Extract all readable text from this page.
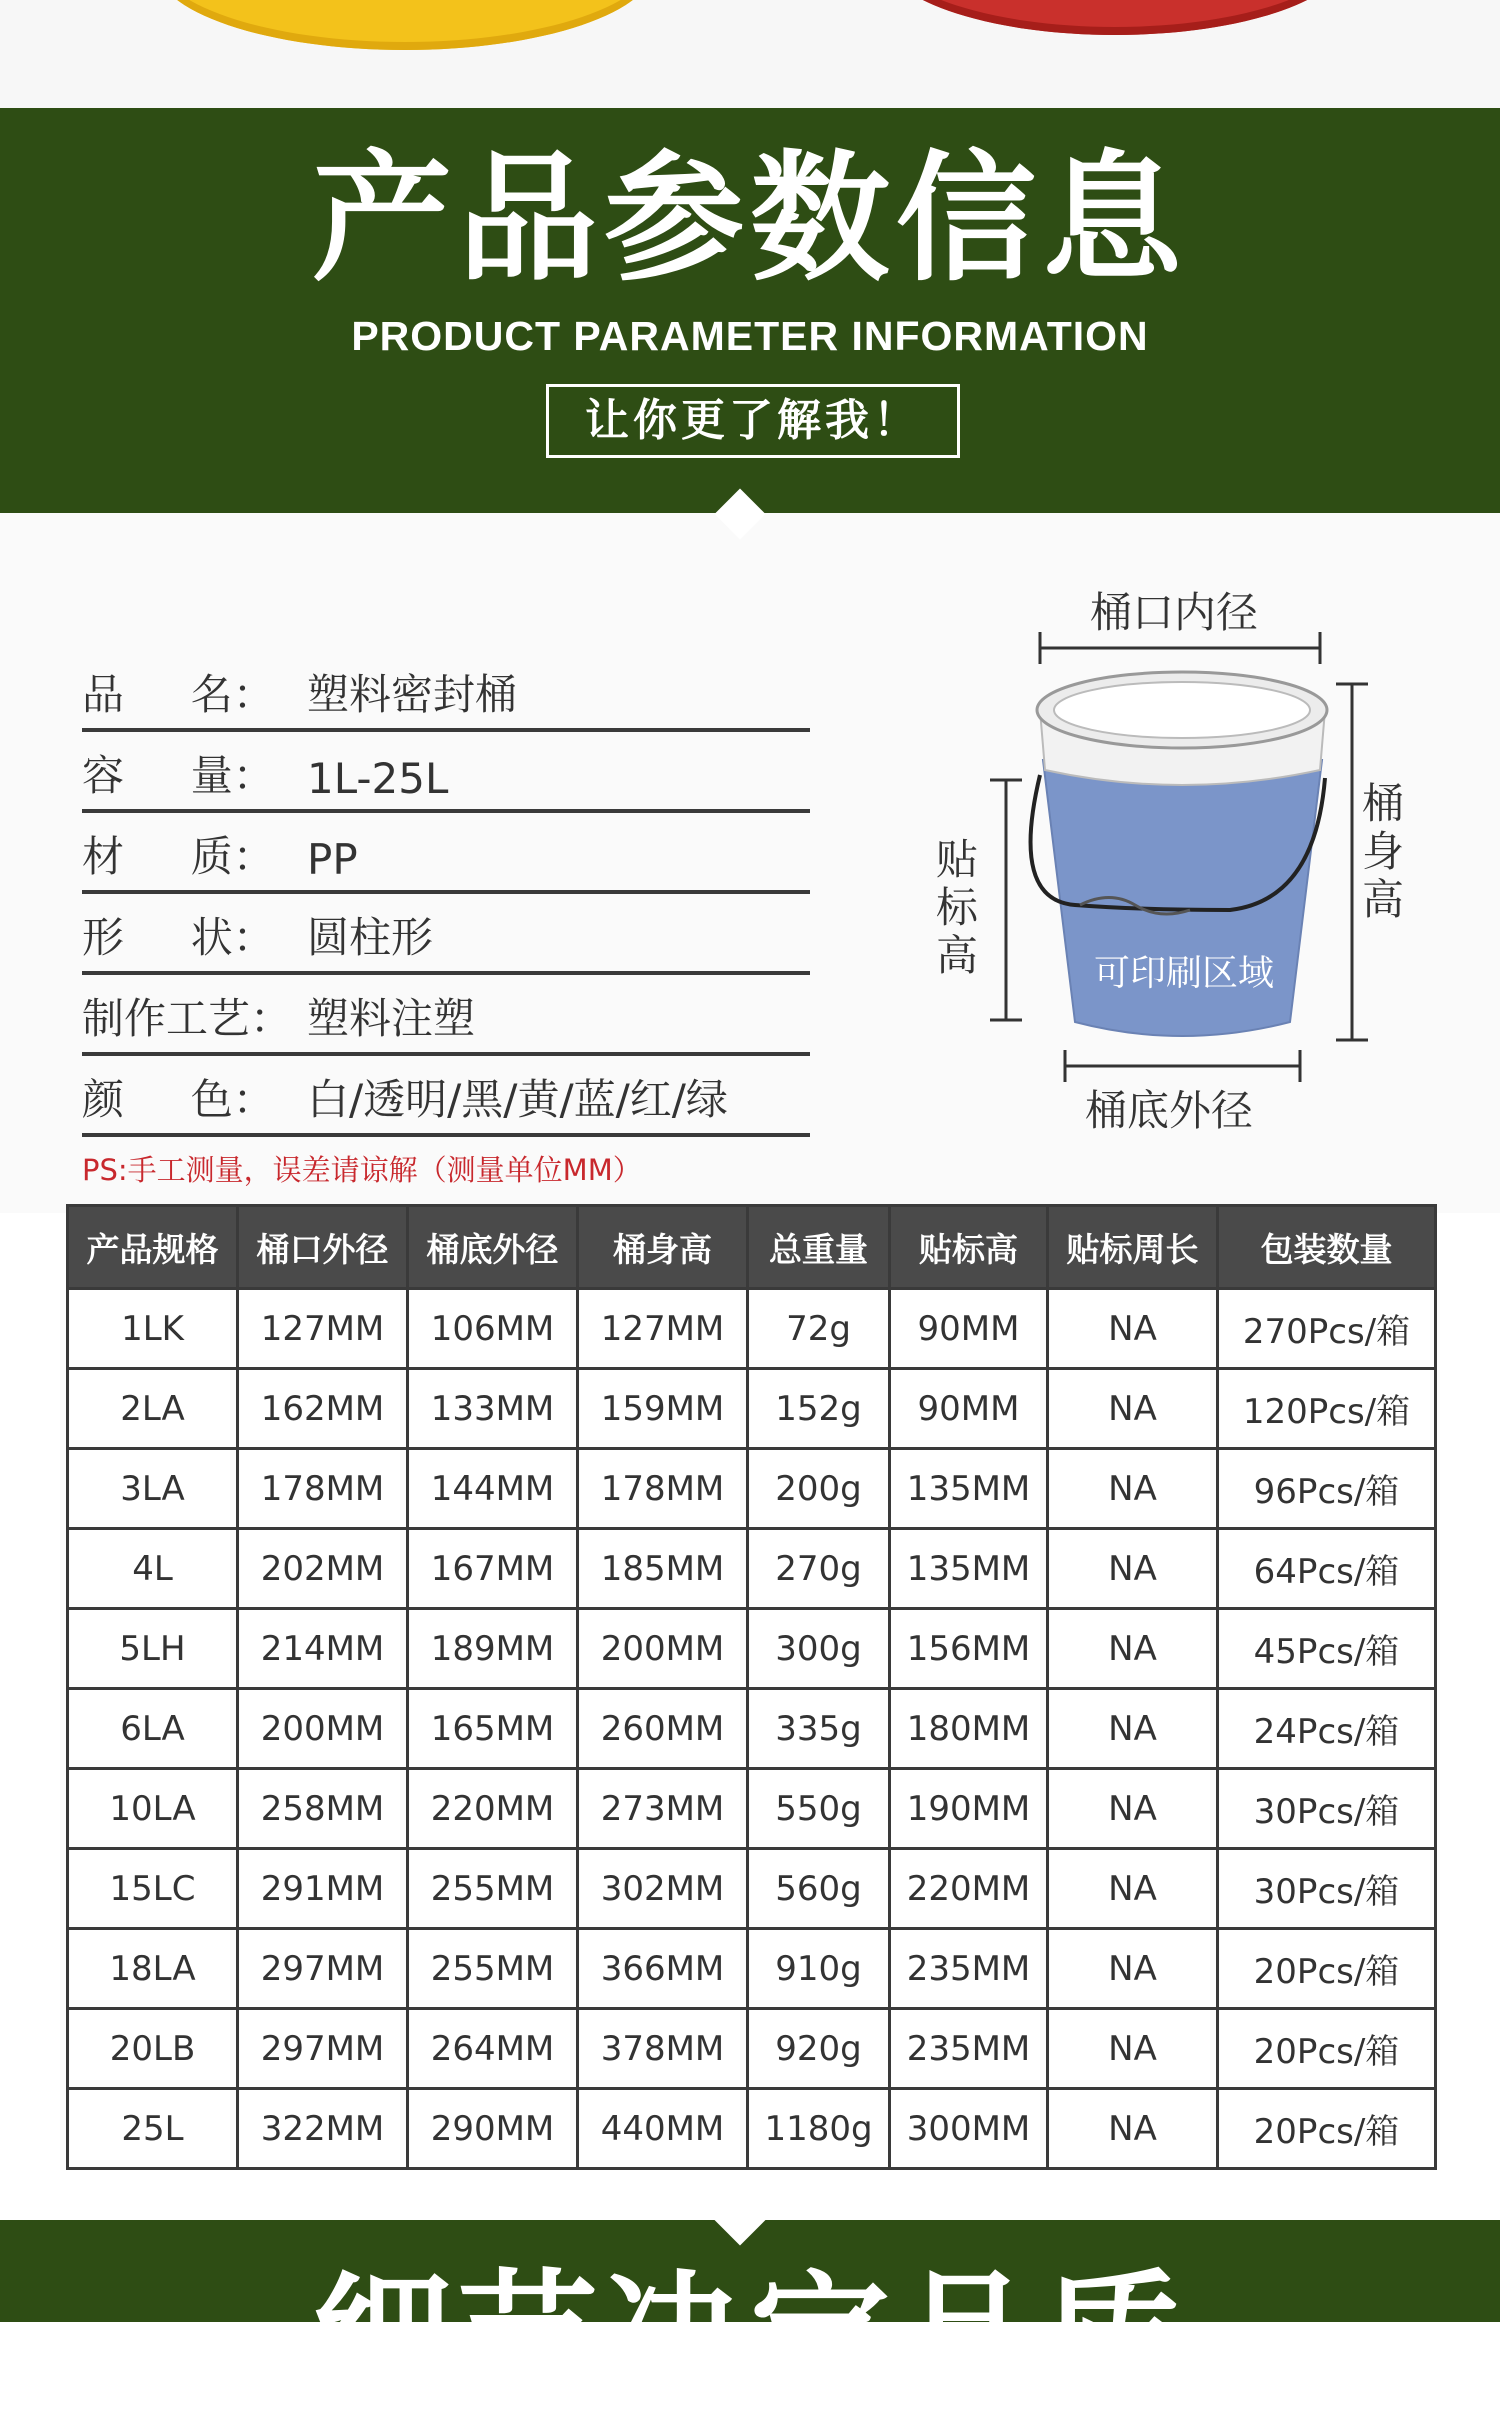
产品参数信息
PRODUCT PARAMETER INFORMATION
让你更了解我！
品     名： 塑料密封桶
容     量： 1L-25L
材     质： PP
形     状： 圆柱形
制作工艺： 塑料注塑
颜     色： 白/透明/黑/黄/蓝/红/绿
PS:手工测量，误差请谅解（测量单位MM）
桶口内径
桶身高
贴标高	可印刷区域
桶底外径
产品规格	桶口外径	桶底外径	桶身高	总重量	贴标高	贴标周长	包装数量
1LK	127MM	106MM	127MM	72g	90MM	NA	270Pcs/箱
2LA	162MM	133MM	159MM	152g	90MM	NA	120Pcs/箱
3LA	178MM	144MM	178MM	200g	135MM	NA	96Pcs/箱
4L	202MM	167MM	185MM	270g	135MM	NA	64Pcs/箱
5LH	214MM	189MM	200MM	300g	156MM	NA	45Pcs/箱
6LA	200MM	165MM	260MM	335g	180MM	NA	24Pcs/箱
10LA	258MM	220MM	273MM	550g	190MM	NA	30Pcs/箱
15LC	291MM	255MM	302MM	560g	220MM	NA	30Pcs/箱
18LA	297MM	255MM	366MM	910g	235MM	NA	20Pcs/箱
20LB	297MM	264MM	378MM	920g	235MM	NA	20Pcs/箱
25L	322MM	290MM	440MM	1180g	300MM	NA	20Pcs/箱
细节决定品质
